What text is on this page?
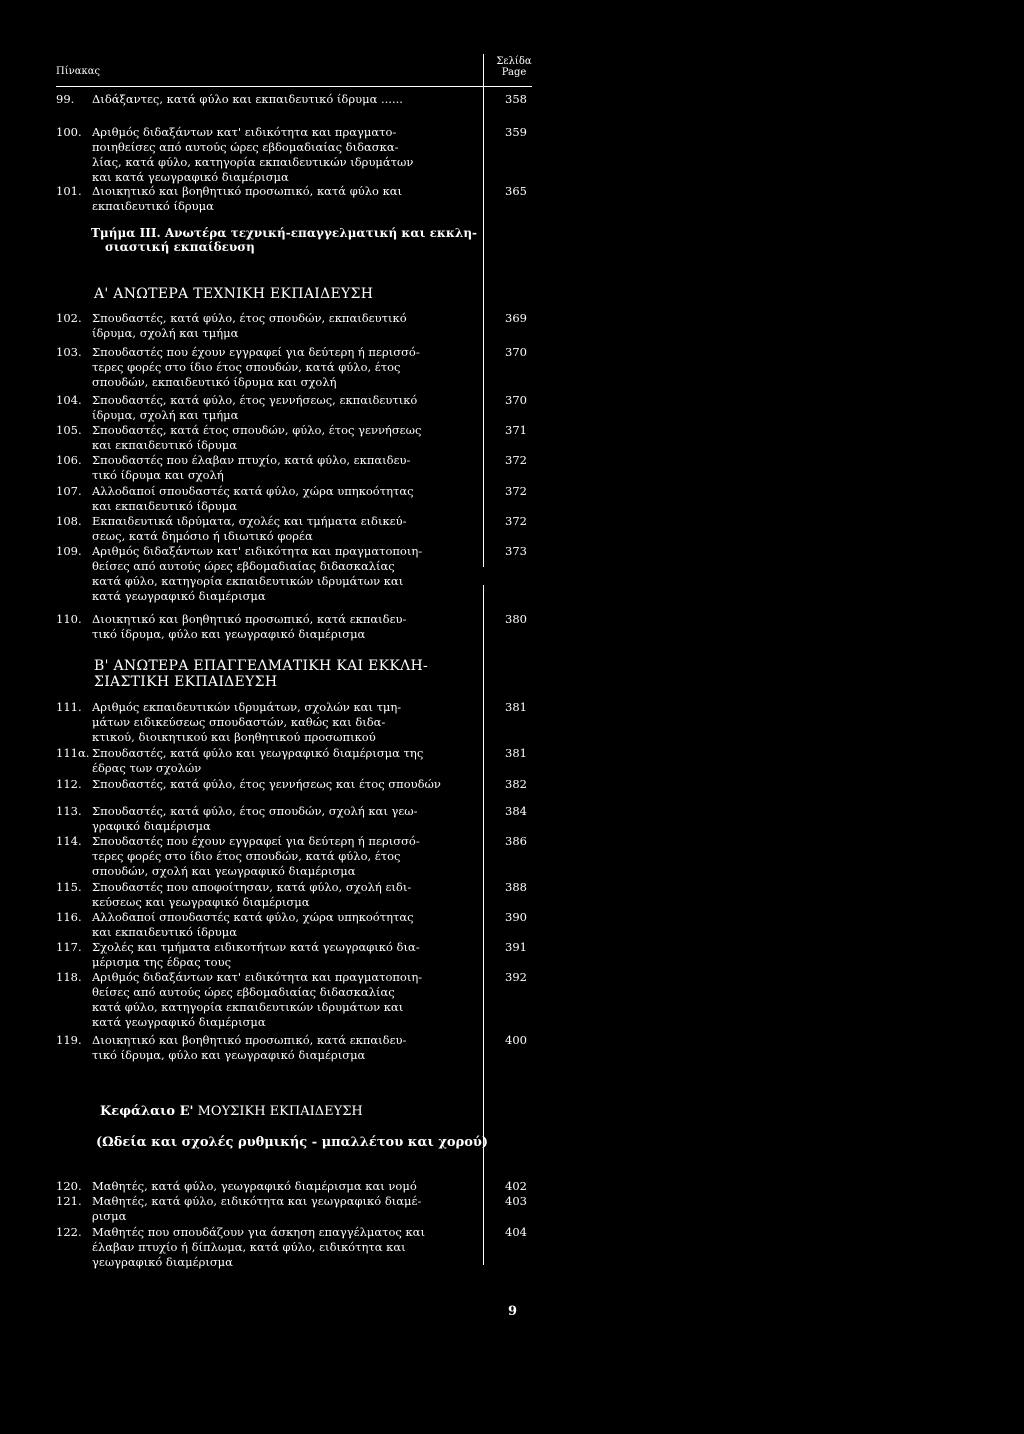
Πίνακας
Σελίδα
Page
99.	Διδάξαντες, κατά φύλο και εκπαιδευτικό ίδρυμα ......	358
100. Αριθμός διδαξάντων κατ' ειδικότητα και πραγματο-
ποιηθείσες από αυτούς ώρες εβδομαδιαίας διδασκα-
λίας, κατά φύλο, κατηγορία εκπαιδευτικών ιδρυμάτων
και κατά γεωγραφικό διαμέρισμα
359
101. Διοικητικό και βοηθητικό προσωπικό, κατά φύλο και
εκπαιδευτικό ίδρυμα
365
Τμήμα ΙΙΙ. Ανωτέρα τεχνική-επαγγελματική και εκκλη-
σιαστική εκπαίδευση
Α' ΑΝΩΤΕΡΑ ΤΕΧΝΙΚΗ ΕΚΠΑΙΔΕΥΣΗ
102. Σπουδαστές, κατά φύλο, έτος σπουδών, εκπαιδευτικό
ίδρυμα, σχολή και τμήμα
369
103. Σπουδαστές που έχουν εγγραφεί για δεύτερη ή περισσό-
τερες φορές στο ίδιο έτος σπουδών, κατά φύλο, έτος
σπουδών, εκπαιδευτικό ίδρυμα και σχολή
370
104. Σπουδαστές, κατά φύλο, έτος γεννήσεως, εκπαιδευτικό
ίδρυμα, σχολή και τμήμα
370
105. Σπουδαστές, κατά έτος σπουδών, φύλο, έτος γεννήσεως
και εκπαιδευτικό ίδρυμα
371
106. Σπουδαστές που έλαβαν πτυχίο, κατά φύλο, εκπαιδευ-
τικό ίδρυμα και σχολή
372
107. Αλλοδαποί σπουδαστές κατά φύλο, χώρα υπηκοότητας
και εκπαιδευτικό ίδρυμα
372
108. Εκπαιδευτικά ιδρύματα, σχολές και τμήματα ειδικεύ-
σεως, κατά δημόσιο ή ιδιωτικό φορέα
372
109. Αριθμός διδαξάντων κατ' ειδικότητα και πραγματοποιη-
θείσες από αυτούς ώρες εβδομαδιαίας διδασκαλίας
κατά φύλο, κατηγορία εκπαιδευτικών ιδρυμάτων και
κατά γεωγραφικό διαμέρισμα
373
110. Διοικητικό και βοηθητικό προσωπικό, κατά εκπαιδευ-
τικό ίδρυμα, φύλο και γεωγραφικό διαμέρισμα
380
Β' ΑΝΩΤΕΡΑ ΕΠΑΓΓΕΛΜΑΤΙΚΗ ΚΑΙ ΕΚΚΛΗ-
ΣΙΑΣΤΙΚΗ ΕΚΠΑΙΔΕΥΣΗ
111. Αριθμός εκπαιδευτικών ιδρυμάτων, σχολών και τμη-
μάτων ειδικεύσεως σπουδαστών, καθώς και διδα-
κτικού, διοικητικού και βοηθητικού προσωπικού
381
111α. Σπουδαστές, κατά φύλο και γεωγραφικό διαμέρισμα της
έδρας των σχολών
381
112. Σπουδαστές, κατά φύλο, έτος γεννήσεως και έτος σπουδών	382
113. Σπουδαστές, κατά φύλο, έτος σπουδών, σχολή και γεω-
γραφικό διαμέρισμα
384
114. Σπουδαστές που έχουν εγγραφεί για δεύτερη ή περισσό-
τερες φορές στο ίδιο έτος σπουδών, κατά φύλο, έτος
σπουδών, σχολή και γεωγραφικό διαμέρισμα
386
115. Σπουδαστές που αποφοίτησαν, κατά φύλο, σχολή ειδι-
κεύσεως και γεωγραφικό διαμέρισμα
388
116. Αλλοδαποί σπουδαστές κατά φύλο, χώρα υπηκοότητας
και εκπαιδευτικό ίδρυμα
390
117. Σχολές και τμήματα ειδικοτήτων κατά γεωγραφικό δια-
μέρισμα της έδρας τους
391
118. Αριθμός διδαξάντων κατ' ειδικότητα και πραγματοποιη-
θείσες από αυτούς ώρες εβδομαδιαίας διδασκαλίας
κατά φύλο, κατηγορία εκπαιδευτικών ιδρυμάτων και
κατά γεωγραφικό διαμέρισμα
392
119. Διοικητικό και βοηθητικό προσωπικό, κατά εκπαιδευ-
τικό ίδρυμα, φύλο και γεωγραφικό διαμέρισμα
400
Κεφάλαιο Ε' ΜΟΥΣΙΚΗ ΕΚΠΑΙΔΕΥΣΗ
(Ωδεία και σχολές ρυθμικής - μπαλλέτου και χορού)
120. Μαθητές, κατά φύλο, γεωγραφικό διαμέρισμα και νομό	402
121. Μαθητές, κατά φύλο, ειδικότητα και γεωγραφικό διαμέ-
ρισμα
403
122. Μαθητές που σπουδάζουν για άσκηση επαγγέλματος και
έλαβαν πτυχίο ή δίπλωμα, κατά φύλο, ειδικότητα και
γεωγραφικό διαμέρισμα
404
9
